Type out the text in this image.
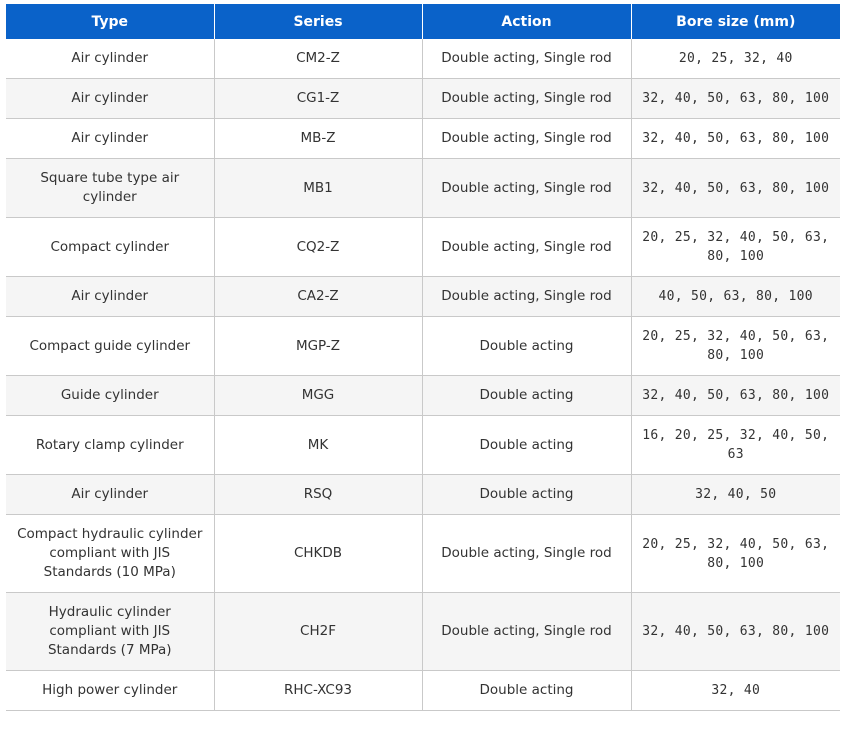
Type	Series	Action	Bore size (mm)
Air cylinder	CM2-Z	Double acting, Single rod	20, 25, 32, 40
Air cylinder	CG1-Z	Double acting, Single rod	32, 40, 50, 63, 80, 100
Air cylinder	MB-Z	Double acting, Single rod	32, 40, 50, 63, 80, 100
Square tube type air cylinder	MB1	Double acting, Single rod	32, 40, 50, 63, 80, 100
Compact cylinder	CQ2-Z	Double acting, Single rod	20, 25, 32, 40, 50, 63, 80, 100
Air cylinder	CA2-Z	Double acting, Single rod	40, 50, 63, 80, 100
Compact guide cylinder	MGP-Z	Double acting	20, 25, 32, 40, 50, 63, 80, 100
Guide cylinder	MGG	Double acting	32, 40, 50, 63, 80, 100
Rotary clamp cylinder	MK	Double acting	16, 20, 25, 32, 40, 50, 63
Air cylinder	RSQ	Double acting	32, 40, 50
Compact hydraulic cylinder compliant with JIS Standards (10 MPa)	CHKDB	Double acting, Single rod	20, 25, 32, 40, 50, 63, 80, 100
Hydraulic cylinder compliant with JIS Standards (7 MPa)	CH2F	Double acting, Single rod	32, 40, 50, 63, 80, 100
High power cylinder	RHC-XC93	Double acting	32, 40
